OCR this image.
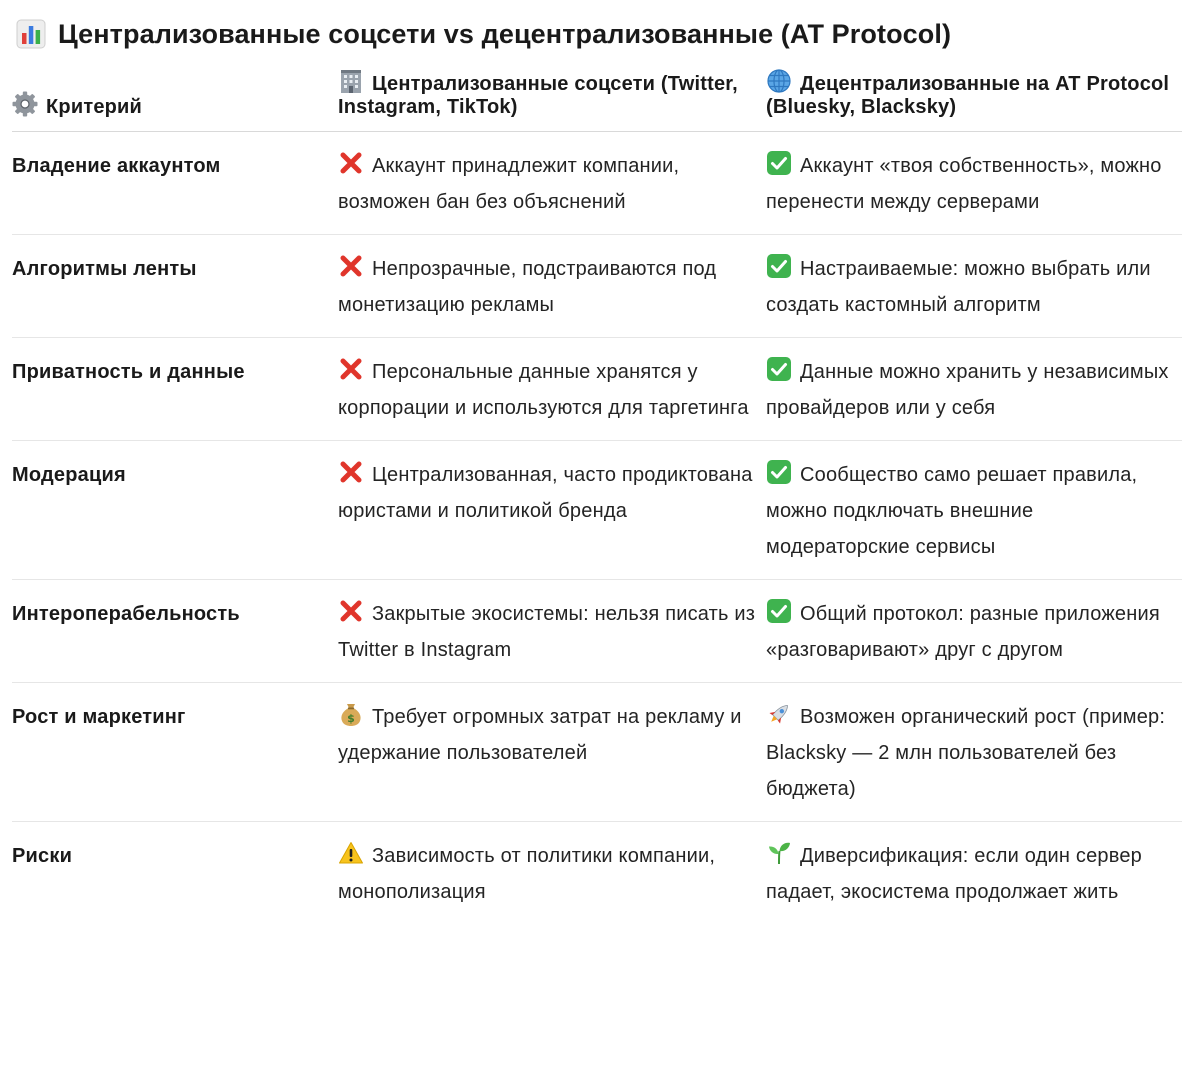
Централизованные соцсети vs децентрализованные (AT Protocol)
Критерий	Централизованные соцсети (Twitter, Instagram, TikTok)	Децентрализованные на AT Protocol (Bluesky, Blacksky)
Владение аккаунтом	Аккаунт принадлежит компании, возможен бан без объяснений	Аккаунт «твоя собственность», можно перенести между серверами
Алгоритмы ленты	Непрозрачные, подстраиваются под монетизацию рекламы	Настраиваемые: можно выбрать или создать кастомный алгоритм
Приватность и данные	Персональные данные хранятся у корпорации и используются для таргетинга	Данные можно хранить у независимых провайдеров или у себя
Модерация	Централизованная, часто продиктована юристами и политикой бренда	Сообщество само решает правила, можно подключать внешние модераторские сервисы
Интероперабельность	Закрытые экосистемы: нельзя писать из Twitter в Instagram	Общий протокол: разные приложения «разговаривают» друг с другом
Рост и маркетинг	$ Требует огромных затрат на рекламу и удержание пользователей	Возможен органический рост (пример: Blacksky — 2 млн пользователей без бюджета)
Риски	Зависимость от политики компании, монополизация	Диверсификация: если один сервер падает, экосистема продолжает жить
